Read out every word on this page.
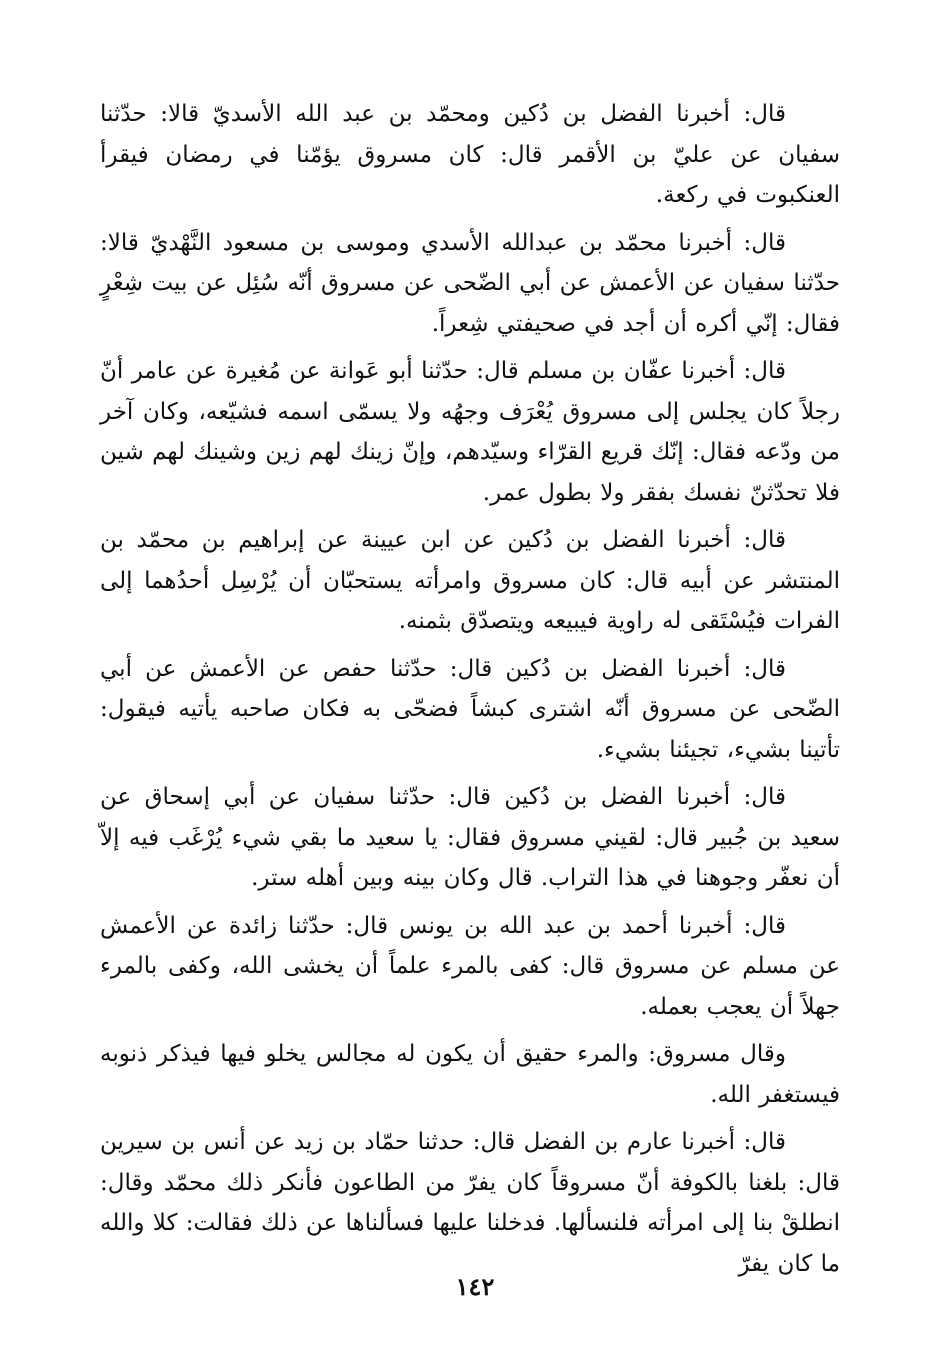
قال: أخبرنا الفضل بن دُكين ومحمّد بن عبد الله الأسديّ قالا: حدّثنا سفيان عن عليّ بن الأقمر قال: كان مسروق يؤمّنا في رمضان فيقرأ العنكبوت في ركعة.

قال: أخبرنا محمّد بن عبدالله الأسدي وموسى بن مسعود النَّهْديّ قالا: حدّثنا سفيان عن الأعمش عن أبي الضّحى عن مسروق أنّه سُئِل عن بيت شِعْرٍ فقال: إنّي أكره أن أجد في صحيفتي شِعراً.

قال: أخبرنا عفّان بن مسلم قال: حدّثنا أبو عَوانة عن مُغيرة عن عامر أنّ رجلاً كان يجلس إلى مسروق يُعْرَف وجهُه ولا يسمّى اسمه فشيّعه، وكان آخر من ودّعه فقال: إنّك قريع القرّاء وسيّدهم، وإنّ زينك لهم زين وشينك لهم شين فلا تحدّثنّ نفسك بفقر ولا بطول عمر.

قال: أخبرنا الفضل بن دُكين عن ابن عيينة عن إبراهيم بن محمّد بن المنتشر عن أبيه قال: كان مسروق وامرأته يستحبّان أن يُرْسِل أحدُهما إلى الفرات فيُسْتَقى له راوية فيبيعه ويتصدّق بثمنه.

قال: أخبرنا الفضل بن دُكين قال: حدّثنا حفص عن الأعمش عن أبي الضّحى عن مسروق أنّه اشترى كبشاً فضحّى به فكان صاحبه يأتيه فيقول: تأتينا بشيء، تجيئنا بشيء.

قال: أخبرنا الفضل بن دُكين قال: حدّثنا سفيان عن أبي إسحاق عن سعيد بن جُبير قال: لقيني مسروق فقال: يا سعيد ما بقي شيء يُرْغَب فيه إلاّ أن نعفّر وجوهنا في هذا التراب. قال وكان بينه وبين أهله ستر.

قال: أخبرنا أحمد بن عبد الله بن يونس قال: حدّثنا زائدة عن الأعمش عن مسلم عن مسروق قال: كفى بالمرء علماً أن يخشى الله، وكفى بالمرء جهلاً أن يعجب بعمله.

وقال مسروق: والمرء حقيق أن يكون له مجالس يخلو فيها فيذكر ذنوبه فيستغفر الله.

قال: أخبرنا عارم بن الفضل قال: حدثنا حمّاد بن زيد عن أنس بن سيرين قال: بلغنا بالكوفة أنّ مسروقاً كان يفرّ من الطاعون فأنكر ذلك محمّد وقال: انطلقْ بنا إلى امرأته فلنسألها. فدخلنا عليها فسألناها عن ذلك فقالت: كلا والله ما كان يفرّ

١٤٢
